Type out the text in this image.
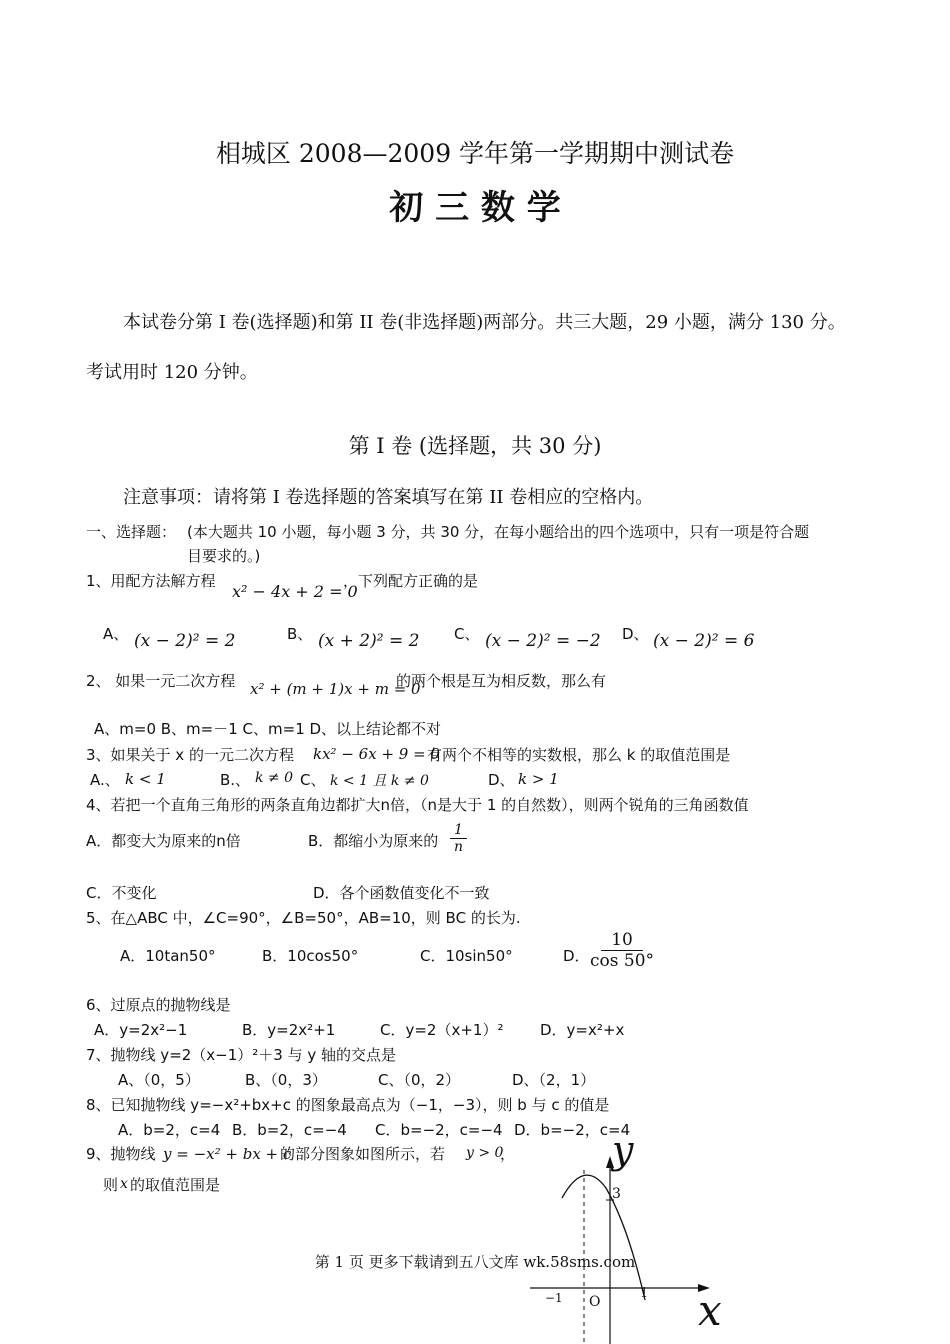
相城区 2008—2009 学年第一学期期中测试卷
初 三 数 学
本试卷分第 I 卷(选择题)和第 II 卷(非选择题)两部分。共三大题，29 小题，满分 130 分。
考试用时 120 分钟。
第 I 卷 (选择题，共 30 分)
注意事项：请将第 I 卷选择题的答案填写在第 II 卷相应的空格内。
一、选择题： (本大题共 10 小题，每小题 3 分，共 30 分，在每小题给出的四个选项中，只有一项是符合题
目要求的。)
1、用配方法解方程
x² − 4x + 2 = 0
，下列配方正确的是
A、 (x − 2)² = 2	B、 (x + 2)² = 2 C、 (x − 2)² = −2 D、 (x − 2)² = 6
2、 如果一元二次方程 x² + (m + 1)x + m = 0
的两个根是互为相反数，那么有
A、m=0 B、m=－1 C、m=1 D、以上结论都不对
3、如果关于 x 的一元二次方程 kx² − 6x + 9 = 0
有两个不相等的实数根，那么 k 的取值范围是
A.、 k < 1	B.、 k ≠ 0 C、 k < 1 且 k ≠ 0	D、 k > 1
4、若把一个直角三角形的两条直角边都扩大n倍，（n是大于 1 的自然数），则两个锐角的三角函数值
A．都变大为原来的n倍	B．都缩小为原来的 $\frac{1}{n}$
C．不变化	D．各个函数值变化不一致
5、在△ABC 中，∠C=90°，∠B=50°，AB=10，则 BC 的长为.
A．10tan50°	B．10cos50°	C．10sin50°	D． $\frac{10}{\cos 50^\circ}$
6、过原点的抛物线是
A．y=2x²−1	B．y=2x²+1	C．y=2（x+1）² D．y=x²+x
7、抛物线 y=2（x−1）²＋3 与 y 轴的交点是
A、（0，5）	B、（0，3）	C、（0，2）	D、（2，1）
8、已知抛物线 y=−x²+bx+c 的图象最高点为（−1，−3），则 b 与 c 的值是
A．b=2，c=4 B．b=2，c=−4 C．b=−2，c=−4 D．b=−2，c=4
9、抛物线 y = −x² + bx + c
的部分图象如图所示，若 y > 0
，
则 x 的取值范围是
y
3
−1 O
1 x
第 1 页 更多下载请到五八文库 wk.58sms.com
